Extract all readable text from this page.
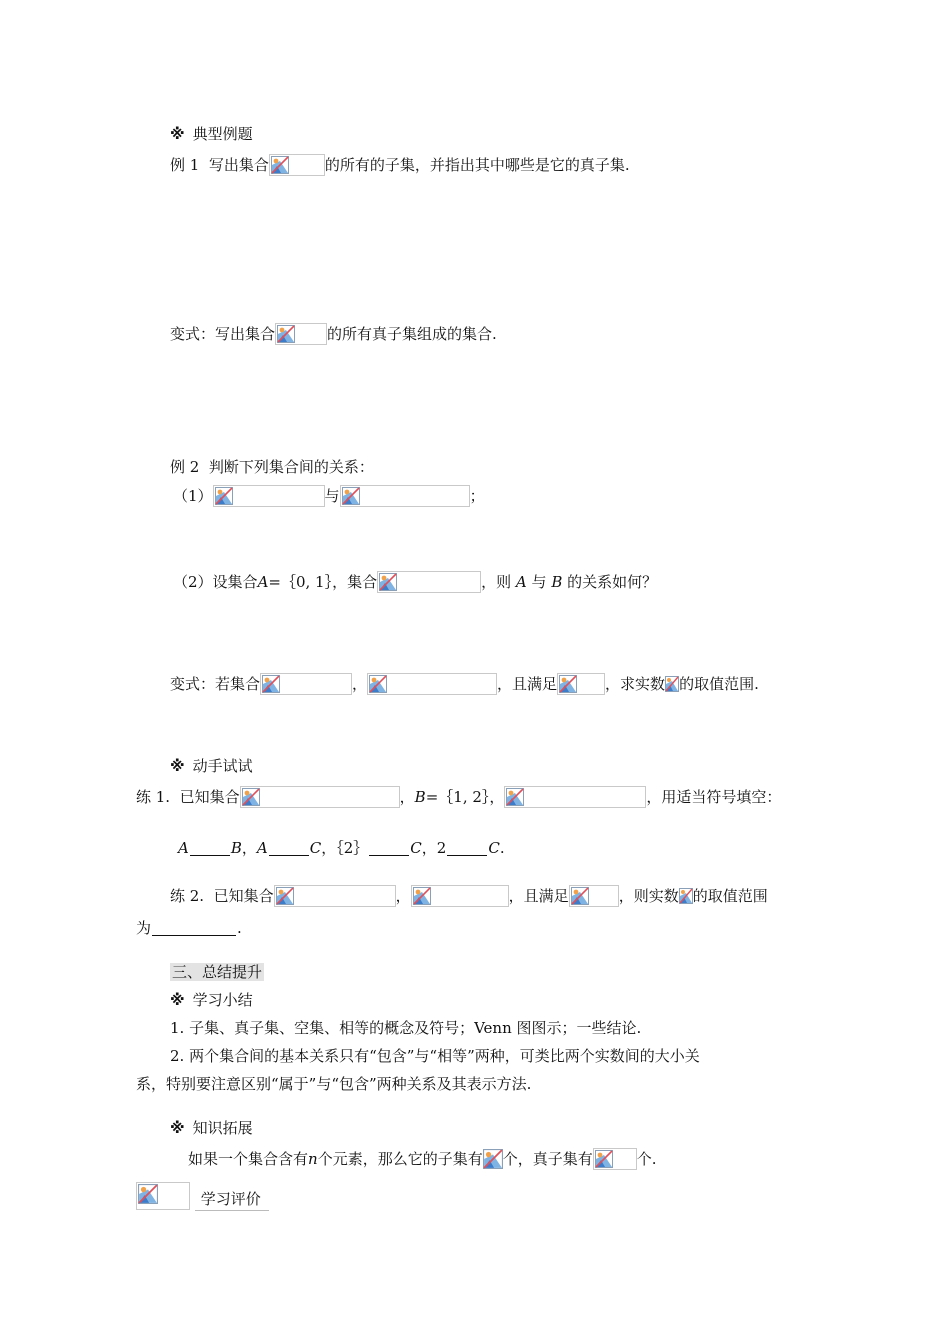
※ 典型例题
例 1 写出集合	的所有的子集，并指出其中哪些是它的真子集.
变式：写出集合	的所有真子集组成的集合.
例 2 判断下列集合间的关系：
（1）	与	；
（2）设集合A=｛0, 1｝，集合	，则 A 与 B 的关系如何？
变式：若集合	，	，且满足	，求实数 的取值范围.
※ 动手试试
练 1. 已知集合	，B=｛1, 2｝，	，用适当符号填空：
A	B，A	C，｛2｝	C，2	C.
练 2. 已知集合	，	，且满足	，则实数 的取值范围
为	.
三、总结提升
※ 学习小结
1. 子集、真子集、空集、相等的概念及符号；Venn 图图示；一些结论.
2. 两个集合间的基本关系只有“包含”与“相等”两种，可类比两个实数间的大小关
系，特别要注意区别“属于”与“包含”两种关系及其表示方法.
※ 知识拓展
如果一个集合含有n个元素，那么它的子集有 个，真子集有	个.
学习评价
